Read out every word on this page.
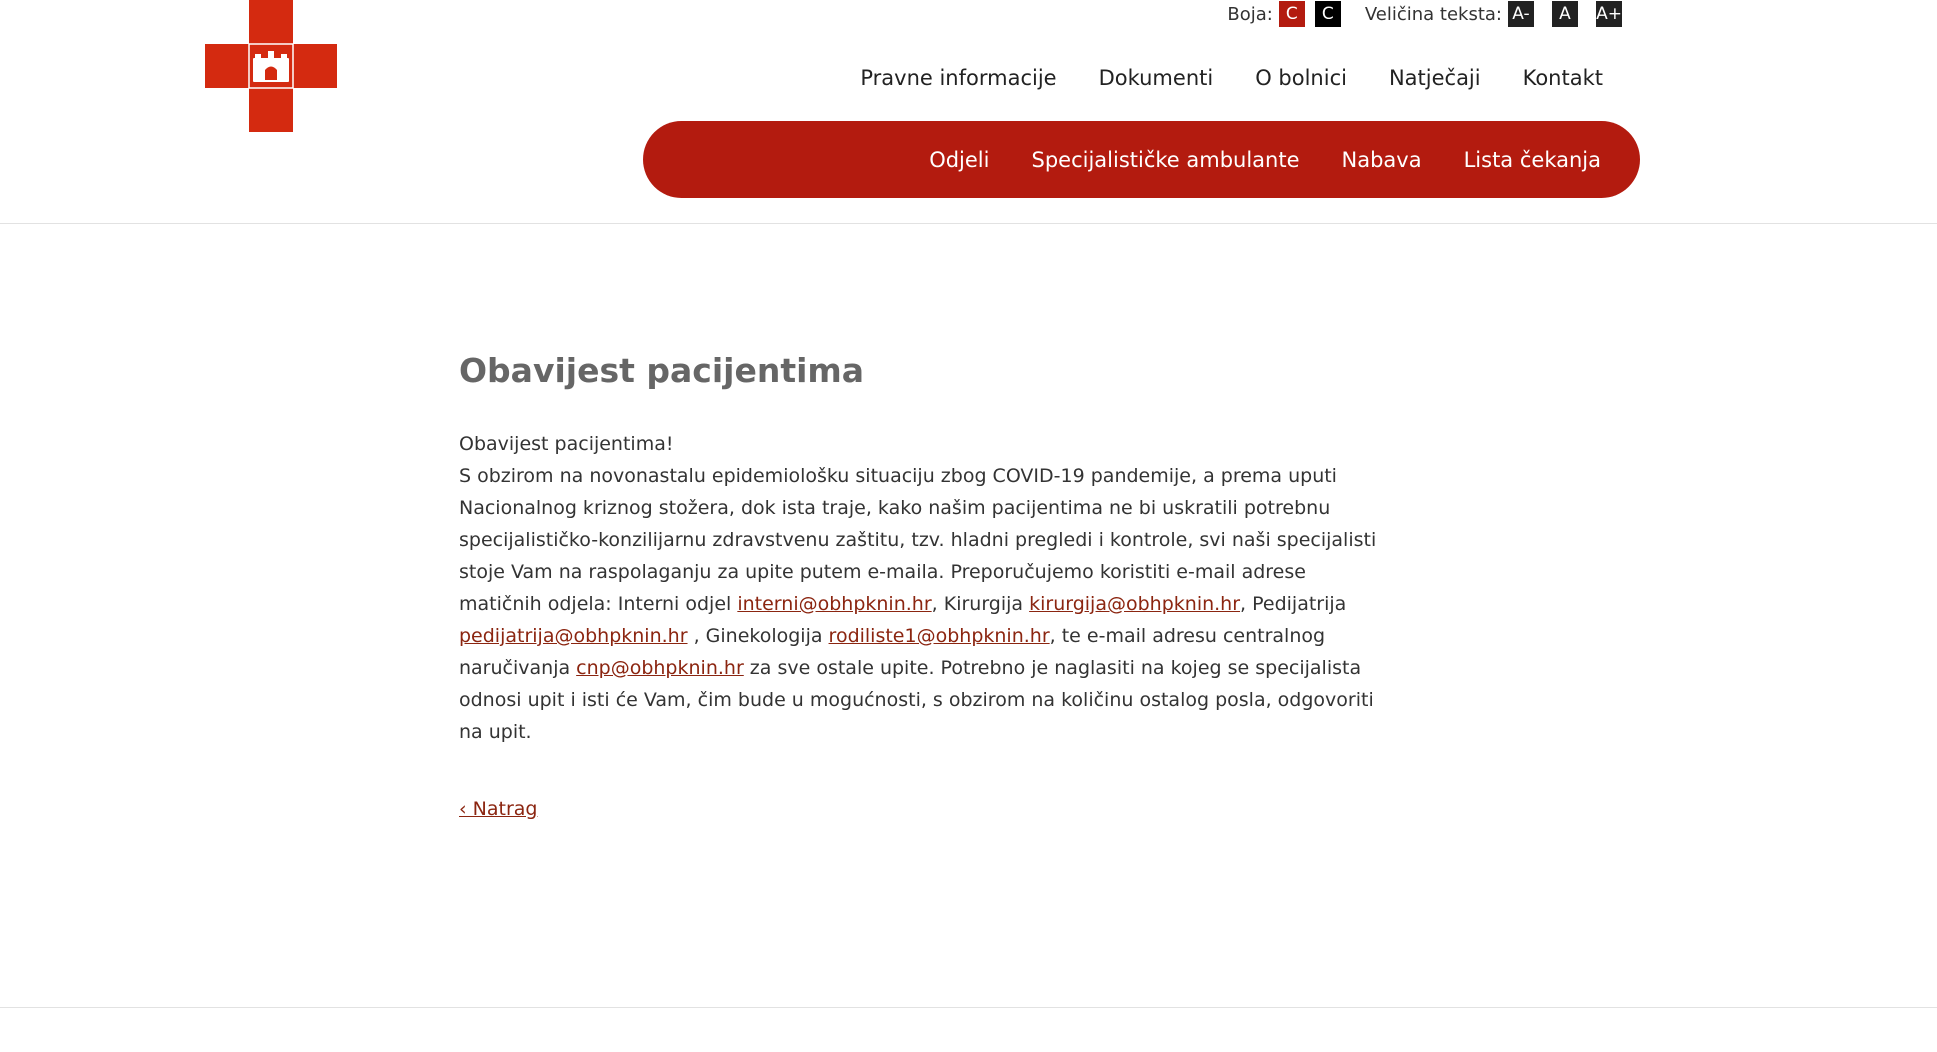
Boja: C	C	Veličina teksta: A-	A	A+
Pravne informacije Dokumenti O bolnici Natječaji Kontakt
Odjeli Specijalističke ambulante Nabava Lista čekanja
Obavijest pacijentima

Obavijest pacijentima!
S obzirom na novonastalu epidemiološku situaciju zbog COVID-19 pandemije, a prema uputi Nacionalnog kriznog stožera, dok ista traje, kako našim pacijentima ne bi uskratili potrebnu specijalističko-konzilijarnu zdravstvenu zaštitu, tzv. hladni pregledi i kontrole, svi naši specijalisti stoje Vam na raspolaganju za upite putem e-maila. Preporučujemo koristiti e-mail adrese matičnih odjela: Interni odjel interni@obhpknin.hr, Kirurgija kirurgija@obhpknin.hr, Pedijatrija pedijatrija@obhpknin.hr , Ginekologija rodiliste1@obhpknin.hr, te e-mail adresu centralnog naručivanja cnp@obhpknin.hr za sve ostale upite. Potrebno je naglasiti na kojeg se specijalista odnosi upit i isti će Vam, čim bude u mogućnosti, s obzirom na količinu ostalog posla, odgovoriti na upit.

‹ Natrag
